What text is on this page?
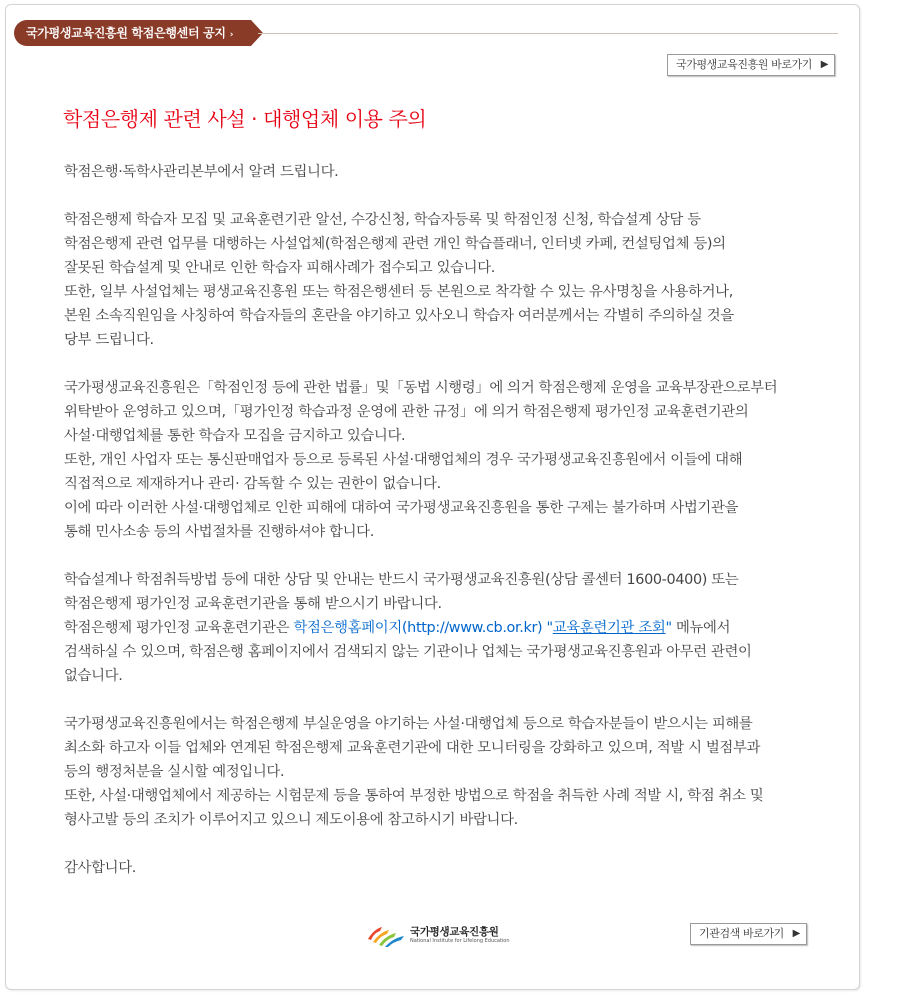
국가평생교육진흥원 학점은행센터 공지 ›
국가평생교육진흥원 바로가기 ▶
학점은행제 관련 사설 · 대행업체 이용 주의

학점은행·독학사관리본부에서 알려 드립니다.

학점은행제 학습자 모집 및 교육훈련기관 알선, 수강신청, 학습자등록 및 학점인정 신청, 학습설계 상담 등
학점은행제 관련 업무를 대행하는 사설업체(학점은행제 관련 개인 학습플래너, 인터넷 카페, 컨설팅업체 등)의
잘못된 학습설계 및 안내로 인한 학습자 피해사례가 접수되고 있습니다.
또한, 일부 사설업체는 평생교육진흥원 또는 학점은행센터 등 본원으로 착각할 수 있는 유사명칭을 사용하거나,
본원 소속직원임을 사칭하여 학습자들의 혼란을 야기하고 있사오니 학습자 여러분께서는 각별히 주의하실 것을
당부 드립니다.

국가평생교육진흥원은「학점인정 등에 관한 법률」및「동법 시행령」에 의거 학점은행제 운영을 교육부장관으로부터
위탁받아 운영하고 있으며,「평가인정 학습과정 운영에 관한 규정」에 의거 학점은행제 평가인정 교육훈련기관의
사설·대행업체를 통한 학습자 모집을 금지하고 있습니다.
또한, 개인 사업자 또는 통신판매업자 등으로 등록된 사설·대행업체의 경우 국가평생교육진흥원에서 이들에 대해
직접적으로 제재하거나 관리· 감독할 수 있는 권한이 없습니다.
이에 따라 이러한 사설·대행업체로 인한 피해에 대하여 국가평생교육진흥원을 통한 구제는 불가하며 사법기관을
통해 민사소송 등의 사법절차를 진행하셔야 합니다.

학습설계나 학점취득방법 등에 대한 상담 및 안내는 반드시 국가평생교육진흥원(상담 콜센터 1600-0400) 또는
학점은행제 평가인정 교육훈련기관을 통해 받으시기 바랍니다.
학점은행제 평가인정 교육훈련기관은 학점은행홈페이지(http://www.cb.or.kr) "교육훈련기관 조회" 메뉴에서
검색하실 수 있으며, 학점은행 홈페이지에서 검색되지 않는 기관이나 업체는 국가평생교육진흥원과 아무런 관련이
없습니다.

국가평생교육진흥원에서는 학점은행제 부실운영을 야기하는 사설·대행업체 등으로 학습자분들이 받으시는 피해를
최소화 하고자 이들 업체와 연계된 학점은행제 교육훈련기관에 대한 모니터링을 강화하고 있으며, 적발 시 벌점부과
등의 행정처분을 실시할 예정입니다.
또한, 사설·대행업체에서 제공하는 시험문제 등을 통하여 부정한 방법으로 학점을 취득한 사례 적발 시, 학점 취소 및
형사고발 등의 조치가 이루어지고 있으니 제도이용에 참고하시기 바랍니다.

감사합니다.

국가평생교육진흥원
National Institute for Lifelong Education
기관검색 바로가기 ▶
